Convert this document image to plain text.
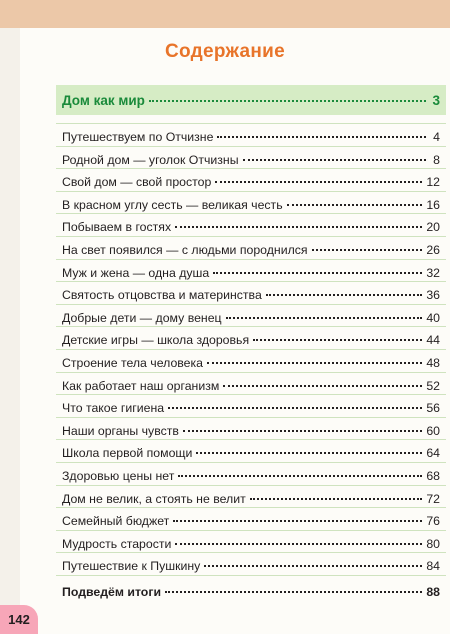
Содержание
Дом как мир	3
Путешествуем по Отчизне	4
Родной дом — уголок Отчизны	8
Свой дом — свой простор	12
В красном углу сесть — великая честь	16
Побываем в гостях	20
На свет появился — с людьми породнился	26
Муж и жена — одна душа	32
Святость отцовства и материнства	36
Добрые дети — дому венец	40
Детские игры — школа здоровья	44
Строение тела человека	48
Как работает наш организм	52
Что такое гигиена	56
Наши органы чувств	60
Школа первой помощи	64
Здоровью цены нет	68
Дом не велик, а стоять не велит	72
Семейный бюджет	76
Мудрость старости	80
Путешествие к Пушкину	84
Подведём итоги	88
142
